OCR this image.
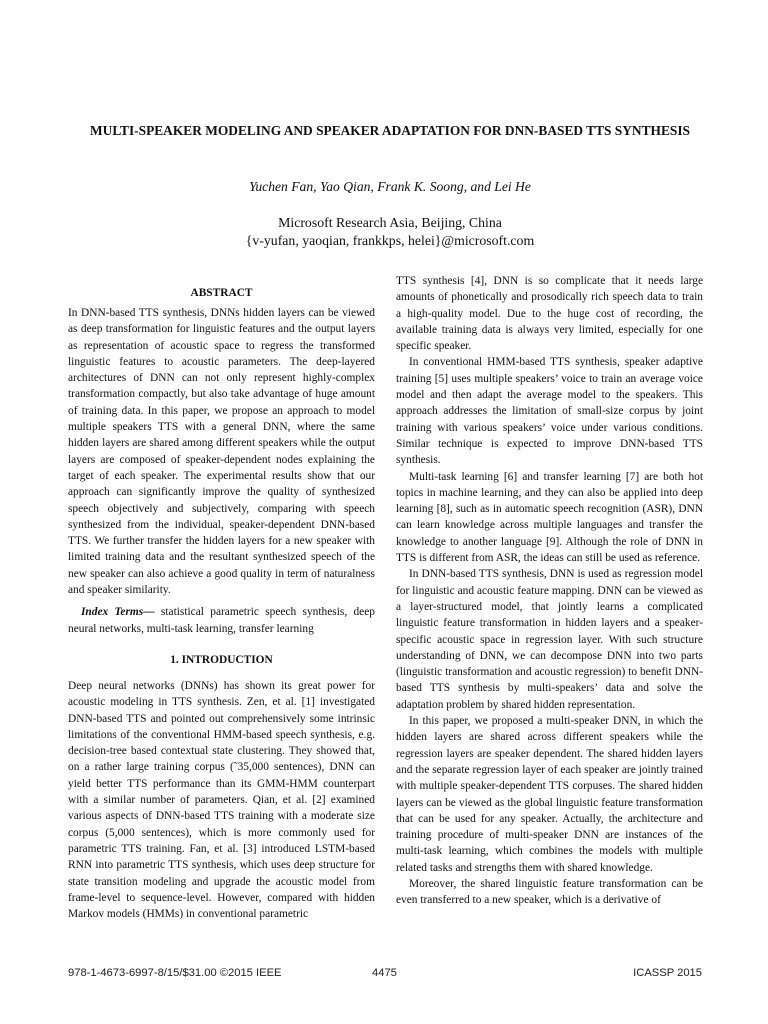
MULTI-SPEAKER MODELING AND SPEAKER ADAPTATION FOR DNN-BASED TTS SYNTHESIS
Yuchen Fan, Yao Qian, Frank K. Soong, and Lei He
Microsoft Research Asia, Beijing, China
{v-yufan, yaoqian, frankkps, helei}@microsoft.com
ABSTRACT

In DNN-based TTS synthesis, DNNs hidden layers can be viewed as deep transformation for linguistic features and the output layers as representation of acoustic space to regress the transformed linguistic features to acoustic parameters. The deep-layered architectures of DNN can not only represent highly-complex transformation compactly, but also take advantage of huge amount of training data. In this paper, we propose an approach to model multiple speakers TTS with a general DNN, where the same hidden layers are shared among different speakers while the output layers are composed of speaker-dependent nodes explaining the target of each speaker. The experimental results show that our approach can significantly improve the quality of synthesized speech objectively and subjectively, comparing with speech synthesized from the individual, speaker-dependent DNN-based TTS. We further transfer the hidden layers for a new speaker with limited training data and the resultant synthesized speech of the new speaker can also achieve a good quality in term of naturalness and speaker similarity.

Index Terms— statistical parametric speech synthesis, deep neural networks, multi-task learning, transfer learning

1. INTRODUCTION

Deep neural networks (DNNs) has shown its great power for acoustic modeling in TTS synthesis. Zen, et al. [1] investigated DNN-based TTS and pointed out comprehensively some intrinsic limitations of the conventional HMM-based speech synthesis, e.g. decision-tree based contextual state clustering. They showed that, on a rather large training corpus (˜35,000 sentences), DNN can yield better TTS performance than its GMM-HMM counterpart with a similar number of parameters. Qian, et al. [2] examined various aspects of DNN-based TTS training with a moderate size corpus (5,000 sentences), which is more commonly used for parametric TTS training. Fan, et al. [3] introduced LSTM-based RNN into parametric TTS synthesis, which uses deep structure for state transition modeling and upgrade the acoustic model from frame-level to sequence-level. However, compared with hidden Markov models (HMMs) in conventional parametric

TTS synthesis [4], DNN is so complicate that it needs large amounts of phonetically and prosodically rich speech data to train a high-quality model. Due to the huge cost of recording, the available training data is always very limited, especially for one specific speaker.

In conventional HMM-based TTS synthesis, speaker adaptive training [5] uses multiple speakers’ voice to train an average voice model and then adapt the average model to the speakers. This approach addresses the limitation of small-size corpus by joint training with various speakers’ voice under various conditions. Similar technique is expected to improve DNN-based TTS synthesis.

Multi-task learning [6] and transfer learning [7] are both hot topics in machine learning, and they can also be applied into deep learning [8], such as in automatic speech recognition (ASR), DNN can learn knowledge across multiple languages and transfer the knowledge to another language [9]. Although the role of DNN in TTS is different from ASR, the ideas can still be used as reference.

In DNN-based TTS synthesis, DNN is used as regression model for linguistic and acoustic feature mapping. DNN can be viewed as a layer-structured model, that jointly learns a complicated linguistic feature transformation in hidden layers and a speaker-specific acoustic space in regression layer. With such structure understanding of DNN, we can decompose DNN into two parts (linguistic transformation and acoustic regression) to benefit DNN-based TTS synthesis by multi-speakers’ data and solve the adaptation problem by shared hidden representation.

In this paper, we proposed a multi-speaker DNN, in which the hidden layers are shared across different speakers while the regression layers are speaker dependent. The shared hidden layers and the separate regression layer of each speaker are jointly trained with multiple speaker-dependent TTS corpuses. The shared hidden layers can be viewed as the global linguistic feature transformation that can be used for any speaker. Actually, the architecture and training procedure of multi-speaker DNN are instances of the multi-task learning, which combines the models with multiple related tasks and strengths them with shared knowledge.

Moreover, the shared linguistic feature transformation can be even transferred to a new speaker, which is a derivative of

978-1-4673-6997-8/15/$31.00 ©2015 IEEE	4475	ICASSP 2015
